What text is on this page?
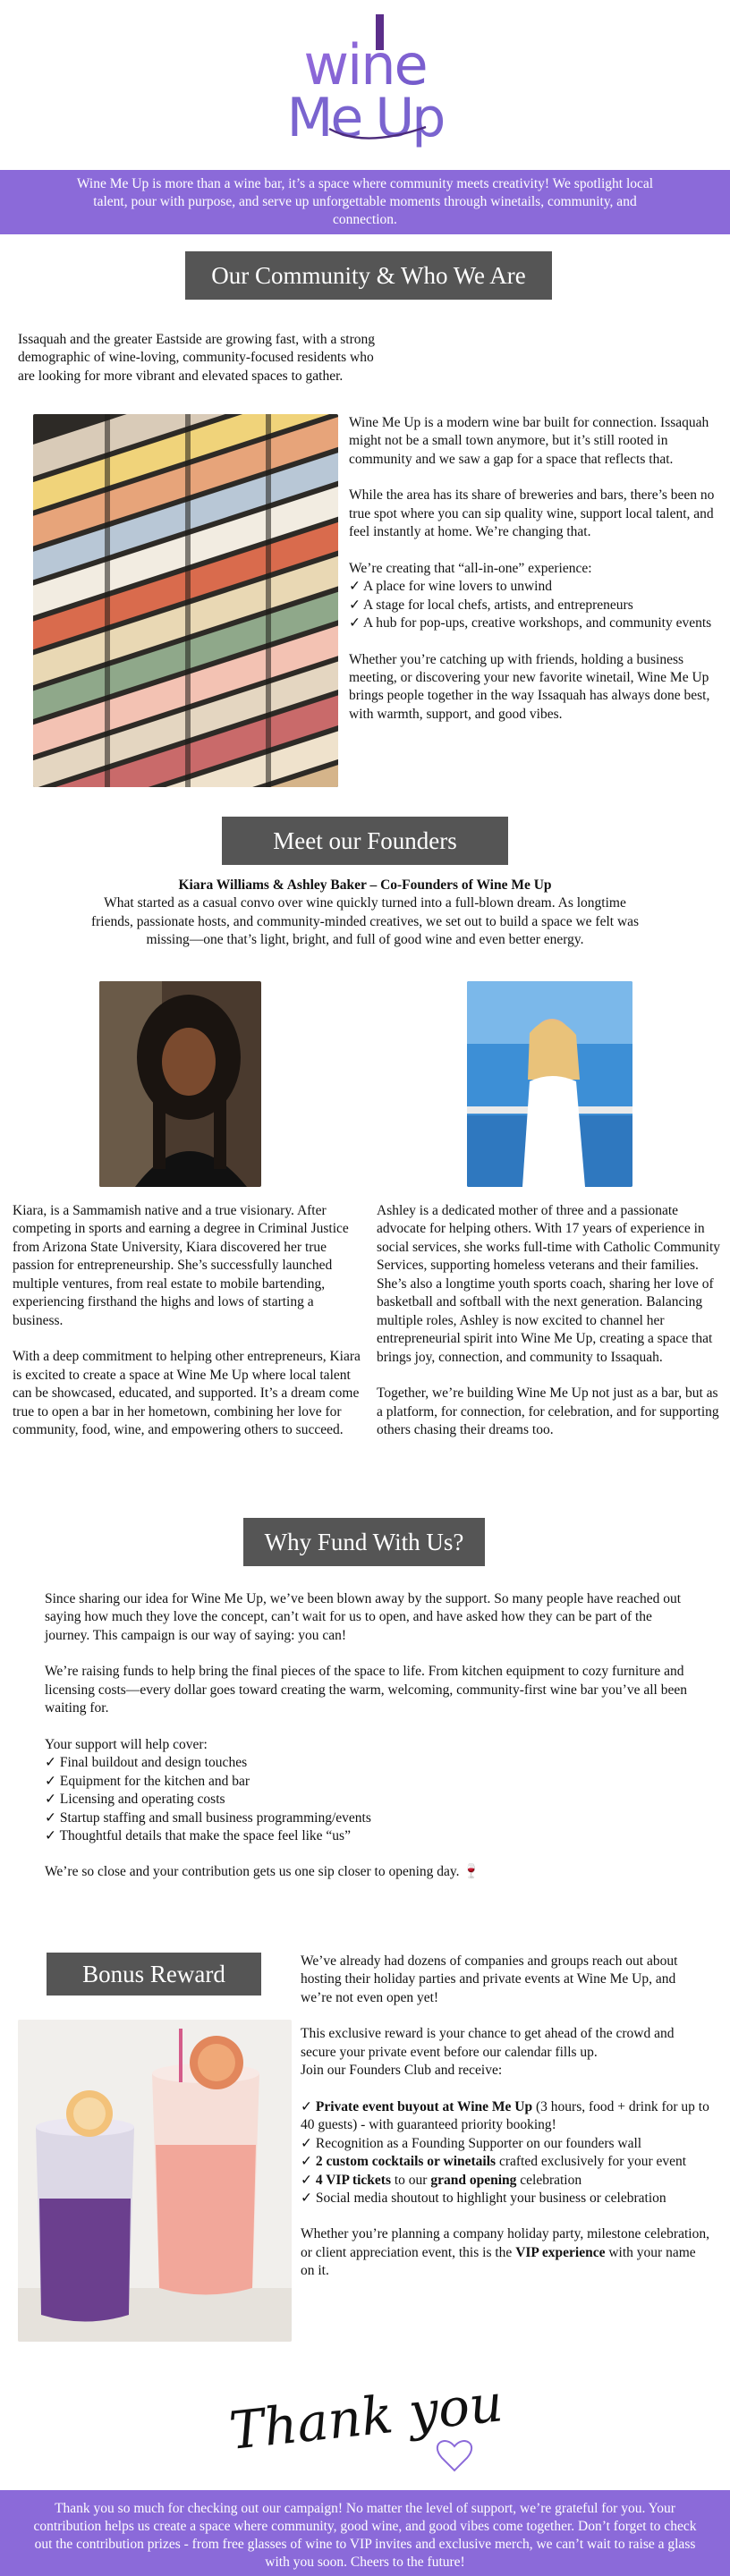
wine
Me Up

Wine Me Up is more than a wine bar, it’s a space where community meets creativity! We spotlight local talent, pour with purpose, and serve up unforgettable moments through winetails, community, and connection.

Our Community & Who We Are

Issaquah and the greater Eastside are growing fast, with a strong demographic of wine-loving, community-focused residents who are looking for more vibrant and elevated spaces to gather.

Wine Me Up is a modern wine bar built for connection. Issaquah might not be a small town anymore, but it’s still rooted in community and we saw a gap for a space that reflects that.

While the area has its share of breweries and bars, there’s been no true spot where you can sip quality wine, support local talent, and feel instantly at home. We’re changing that.

We’re creating that “all-in-one” experience:

✓ A place for wine lovers to unwind
✓ A stage for local chefs, artists, and entrepreneurs
✓ A hub for pop-ups, creative workshops, and community events

Whether you’re catching up with friends, holding a business meeting, or discovering your new favorite winetail, Wine Me Up brings people together in the way Issaquah has always done best, with warmth, support, and good vibes.

Meet our Founders

Kiara Williams & Ashley Baker – Co-Founders of Wine Me Up

What started as a casual convo over wine quickly turned into a full-blown dream. As longtime friends, passionate hosts, and community-minded creatives, we set out to build a space we felt was missing—one that’s light, bright, and full of good wine and even better energy.

Kiara, is a Sammamish native and a true visionary. After competing in sports and earning a degree in Criminal Justice from Arizona State University, Kiara discovered her true passion for entrepreneurship. She’s successfully launched multiple ventures, from real estate to mobile bartending, experiencing firsthand the highs and lows of starting a business.

With a deep commitment to helping other entrepreneurs, Kiara is excited to create a space at Wine Me Up where local talent can be showcased, educated, and supported. It’s a dream come true to open a bar in her hometown, combining her love for community, food, wine, and empowering others to succeed.

Ashley is a dedicated mother of three and a passionate advocate for helping others. With 17 years of experience in social services, she works full-time with Catholic Community Services, supporting homeless veterans and their families. She’s also a longtime youth sports coach, sharing her love of basketball and softball with the next generation. Balancing multiple roles, Ashley is now excited to channel her entrepreneurial spirit into Wine Me Up, creating a space that brings joy, connection, and community to Issaquah.

Together, we’re building Wine Me Up not just as a bar, but as a platform, for connection, for celebration, and for supporting others chasing their dreams too.

Why Fund With Us?

Since sharing our idea for Wine Me Up, we’ve been blown away by the support. So many people have reached out saying how much they love the concept, can’t wait for us to open, and have asked how they can be part of the journey. This campaign is our way of saying: you can!

We’re raising funds to help bring the final pieces of the space to life. From kitchen equipment to cozy furniture and licensing costs—every dollar goes toward creating the warm, welcoming, community-first wine bar you’ve all been waiting for.

Your support will help cover:

✓ Final buildout and design touches
✓ Equipment for the kitchen and bar
✓ Licensing and operating costs
✓ Startup staffing and small business programming/events
✓ Thoughtful details that make the space feel like “us”

We’re so close and your contribution gets us one sip closer to opening day. 🍷

Bonus Reward	We’ve already had dozens of companies and groups reach out about hosting their holiday parties and private events at Wine Me Up, and we’re not even open yet!

This exclusive reward is your chance to get ahead of the crowd and secure your private event before our calendar fills up.

Join our Founders Club and receive:

✓ Private event buyout at Wine Me Up (3 hours, food + drink for up to 40 guests) - with guaranteed priority booking!
✓ Recognition as a Founding Supporter on our founders wall
✓ 2 custom cocktails or winetails crafted exclusively for your event
✓ 4 VIP tickets to our grand opening celebration
✓ Social media shoutout to highlight your business or celebration

Whether you’re planning a company holiday party, milestone celebration, or client appreciation event, this is the VIP experience with your name on it.

Thank you

Thank you so much for checking out our campaign! No matter the level of support, we’re grateful for you. Your contribution helps us create a space where community, good wine, and good vibes come together. Don’t forget to check out the contribution prizes - from free glasses of wine to VIP invites and exclusive merch, we can’t wait to raise a glass with you soon. Cheers to the future!
